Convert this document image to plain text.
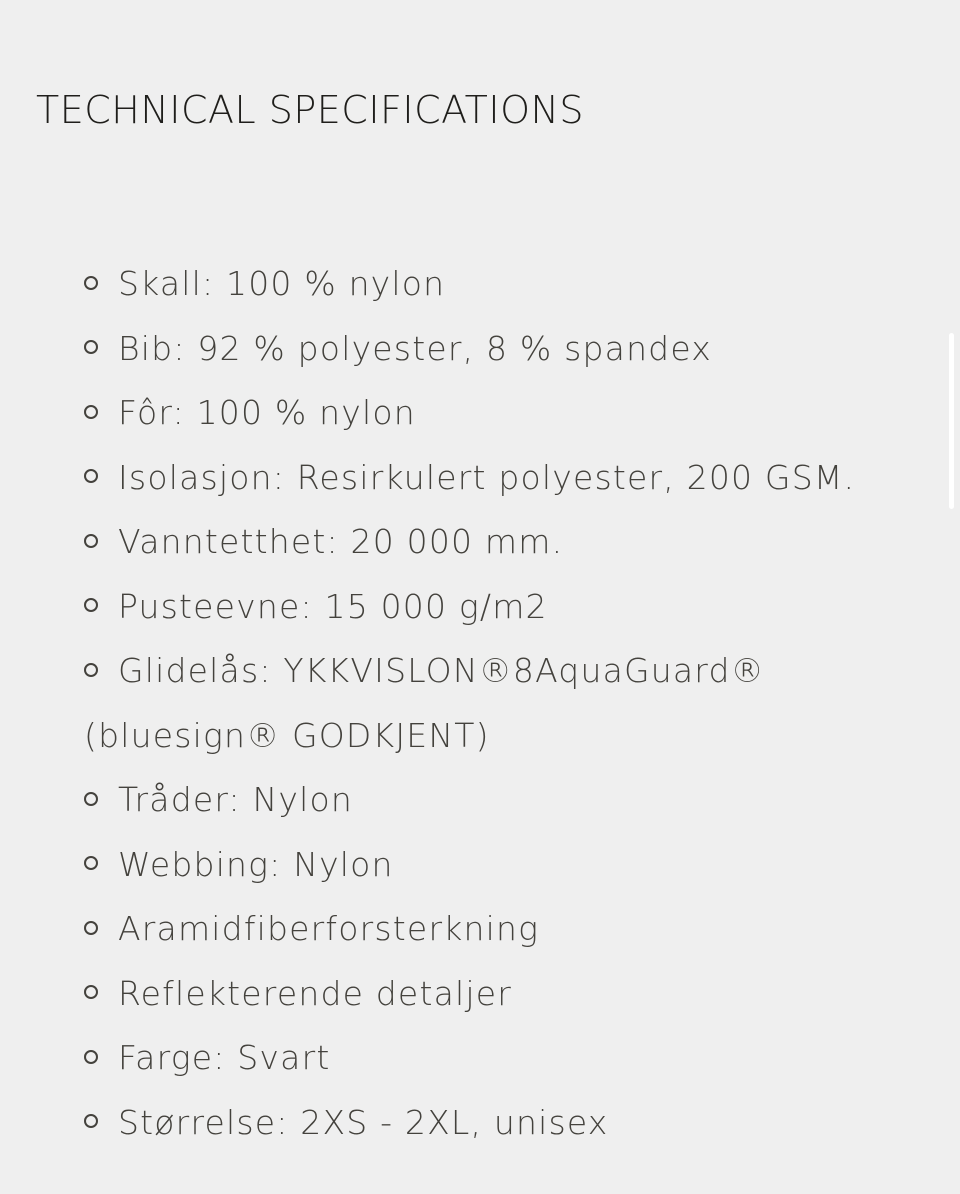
TECHNICAL SPECIFICATIONS
Skall: 100 % nylon
Bib: 92 % polyester, 8 % spandex
Fôr: 100 % nylon
Isolasjon: Resirkulert polyester, 200 GSM.
Vanntetthet: 20 000 mm.
Pusteevne: 15 000 g/m2
Glidelås: YKKVISLON®8AquaGuard® (bluesign® GODKJENT)
Tråder: Nylon
Webbing: Nylon
Aramidfiberforsterkning
Reflekterende detaljer
Farge: Svart
Størrelse: 2XS - 2XL, unisex
